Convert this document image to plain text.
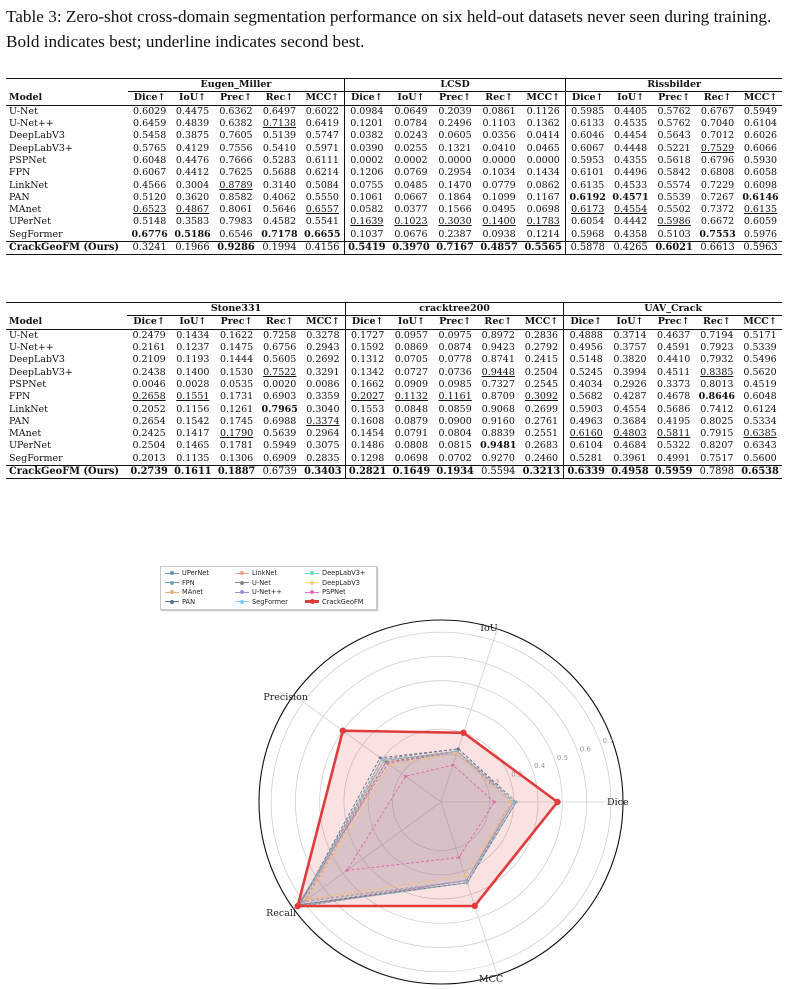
Table 3: Zero-shot cross-domain segmentation performance on six held-out datasets never seen during training. Bold indicates best; underline indicates second best.
	Eugen_Miller					LCSD					Rissbilder				
Model	Dice↑	IoU↑	Prec↑	Rec↑	MCC↑	Dice↑	IoU↑	Prec↑	Rec↑	MCC↑	Dice↑	IoU↑	Prec↑	Rec↑	MCC↑
U-Net	0.6029	0.4475	0.6362	0.6497	0.6022	0.0984	0.0649	0.2039	0.0861	0.1126	0.5985	0.4405	0.5762	0.6767	0.5949
U-Net++	0.6459	0.4839	0.6382	0.7138	0.6419	0.1201	0.0784	0.2496	0.1103	0.1362	0.6133	0.4535	0.5762	0.7040	0.6104
DeepLabV3	0.5458	0.3875	0.7605	0.5139	0.5747	0.0382	0.0243	0.0605	0.0356	0.0414	0.6046	0.4454	0.5643	0.7012	0.6026
DeepLabV3+	0.5765	0.4129	0.7556	0.5410	0.5971	0.0390	0.0255	0.1321	0.0410	0.0465	0.6067	0.4448	0.5221	0.7529	0.6066
PSPNet	0.6048	0.4476	0.7666	0.5283	0.6111	0.0002	0.0002	0.0000	0.0000	0.0000	0.5953	0.4355	0.5618	0.6796	0.5930
FPN	0.6067	0.4412	0.7625	0.5688	0.6214	0.1206	0.0769	0.2954	0.1034	0.1434	0.6101	0.4496	0.5842	0.6808	0.6058
LinkNet	0.4566	0.3004	0.8789	0.3140	0.5084	0.0755	0.0485	0.1470	0.0779	0.0862	0.6135	0.4533	0.5574	0.7229	0.6098
PAN	0.5120	0.3620	0.8582	0.4062	0.5550	0.1061	0.0667	0.1864	0.1099	0.1167	0.6192	0.4571	0.5539	0.7267	0.6146
MAnet	0.6523	0.4867	0.8061	0.5646	0.6557	0.0582	0.0377	0.1566	0.0495	0.0698	0.6173	0.4554	0.5502	0.7372	0.6135
UPerNet	0.5148	0.3583	0.7983	0.4582	0.5541	0.1639	0.1023	0.3030	0.1400	0.1783	0.6054	0.4442	0.5986	0.6672	0.6059
SegFormer	0.6776	0.5186	0.6546	0.7178	0.6655	0.1037	0.0676	0.2387	0.0938	0.1214	0.5968	0.4358	0.5103	0.7553	0.5976
CrackGeoFM (Ours)	0.3241	0.1966	0.9286	0.1994	0.4156	0.5419	0.3970	0.7167	0.4857	0.5565	0.5878	0.4265	0.6021	0.6613	0.5963
	Stone331					cracktree200					UAV_Crack				
Model	Dice↑	IoU↑	Prec↑	Rec↑	MCC↑	Dice↑	IoU↑	Prec↑	Rec↑	MCC↑	Dice↑	IoU↑	Prec↑	Rec↑	MCC↑
U-Net	0.2479	0.1434	0.1622	0.7258	0.3278	0.1727	0.0957	0.0975	0.8972	0.2836	0.4888	0.3714	0.4637	0.7194	0.5171
U-Net++	0.2161	0.1237	0.1475	0.6756	0.2943	0.1592	0.0869	0.0874	0.9423	0.2792	0.4956	0.3757	0.4591	0.7923	0.5339
DeepLabV3	0.2109	0.1193	0.1444	0.5605	0.2692	0.1312	0.0705	0.0778	0.8741	0.2415	0.5148	0.3820	0.4410	0.7932	0.5496
DeepLabV3+	0.2438	0.1400	0.1530	0.7522	0.3291	0.1342	0.0727	0.0736	0.9448	0.2504	0.5245	0.3994	0.4511	0.8385	0.5620
PSPNet	0.0046	0.0028	0.0535	0.0020	0.0086	0.1662	0.0909	0.0985	0.7327	0.2545	0.4034	0.2926	0.3373	0.8013	0.4519
FPN	0.2658	0.1551	0.1731	0.6903	0.3359	0.2027	0.1132	0.1161	0.8709	0.3092	0.5682	0.4287	0.4678	0.8646	0.6048
LinkNet	0.2052	0.1156	0.1261	0.7965	0.3040	0.1553	0.0848	0.0859	0.9068	0.2699	0.5903	0.4554	0.5686	0.7412	0.6124
PAN	0.2654	0.1542	0.1745	0.6988	0.3374	0.1608	0.0879	0.0900	0.9160	0.2761	0.4963	0.3684	0.4195	0.8025	0.5334
MAnet	0.2425	0.1417	0.1790	0.5639	0.2964	0.1454	0.0791	0.0804	0.8839	0.2551	0.6160	0.4803	0.5811	0.7915	0.6385
UPerNet	0.2504	0.1465	0.1781	0.5949	0.3075	0.1486	0.0808	0.0815	0.9481	0.2683	0.6104	0.4684	0.5322	0.8207	0.6343
SegFormer	0.2013	0.1135	0.1306	0.6909	0.2835	0.1298	0.0698	0.0702	0.9270	0.2460	0.5281	0.3961	0.4991	0.7517	0.5600
CrackGeoFM (Ours)	0.2739	0.1611	0.1887	0.6739	0.3403	0.2821	0.1649	0.1934	0.5594	0.3213	0.6339	0.4958	0.5959	0.7898	0.6538
0.4
0.5
0.6
0.7
Dice
IoU
Precision
Recall
MCC
UPerNet
FPN
MAnet
PAN
LinkNet
U-Net
U-Net++
SegFormer
DeepLabV3+
DeepLabV3
PSPNet
CrackGeoFM
